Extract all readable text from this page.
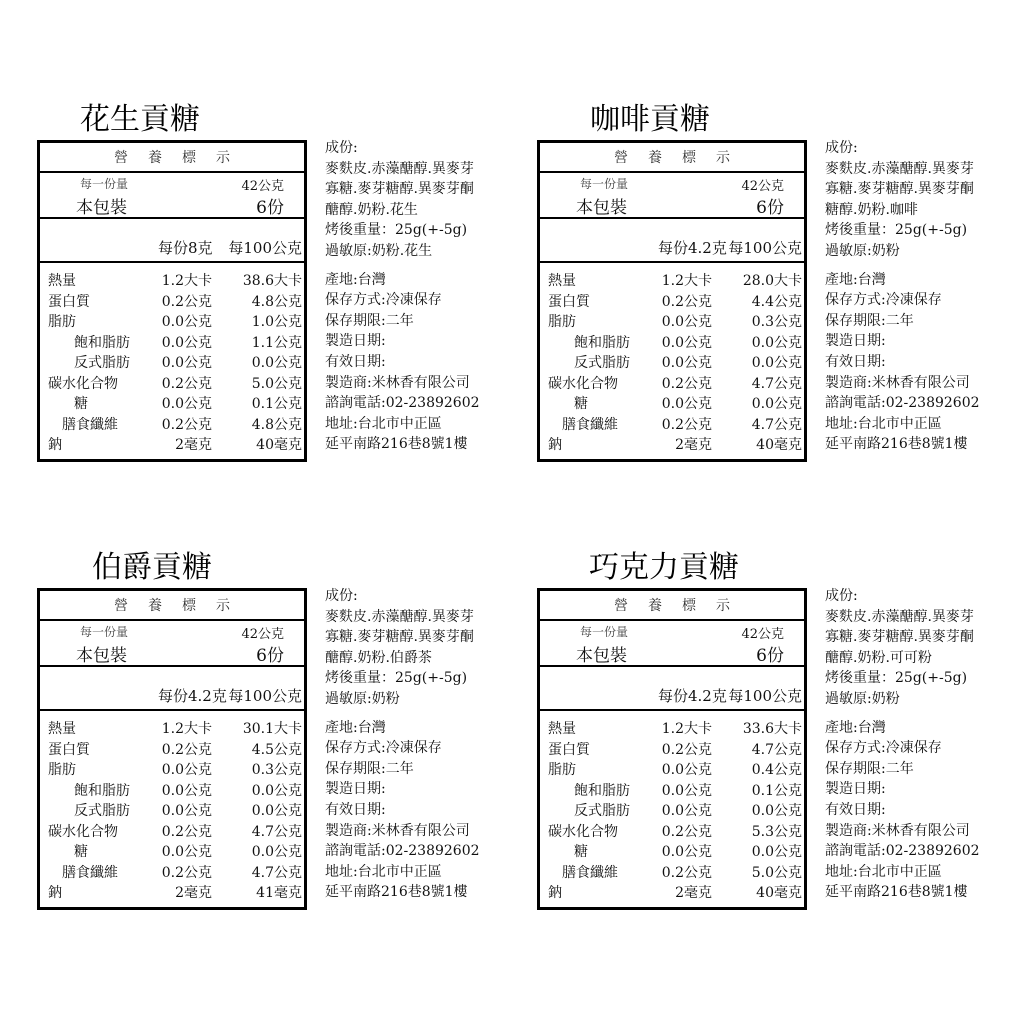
花生貢糖
營養標示
每一份量	42公克
本包裝	6份
每份8克 每100公克
熱量	1.2大卡 38.6大卡
蛋白質	0.2公克	4.8公克
脂肪	0.0公克	1.0公克
飽和脂肪 0.0公克	1.1公克
反式脂肪 0.0公克	0.0公克
碳水化合物	0.2公克	5.0公克
糖	0.0公克	0.1公克
膳食纖維	0.2公克	4.8公克
鈉	2毫克	40毫克
成份:
麥麩皮.赤藻醣醇.異麥芽
寡糖.麥芽糖醇.異麥芽酮
醣醇.奶粉.花生
烤後重量：25g(+-5g)
過敏原:奶粉.花生
產地:台灣
保存方式:冷凍保存
保存期限:二年
製造日期:
有效日期:
製造商:米林香有限公司
諮詢電話:02-23892602
地址:台北市中正區
延平南路216巷8號1樓
咖啡貢糖
營養標示
每一份量	42公克
本包裝	6份
每份4.2克 每100公克
熱量	1.2大卡 28.0大卡
蛋白質	0.2公克	4.4公克
脂肪	0.0公克	0.3公克
飽和脂肪 0.0公克	0.0公克
反式脂肪 0.0公克	0.0公克
碳水化合物	0.2公克	4.7公克
糖	0.0公克	0.0公克
膳食纖維	0.2公克	4.7公克
鈉	2毫克	40毫克
成份:
麥麩皮.赤藻醣醇.異麥芽
寡糖.麥芽糖醇.異麥芽酮
糖醇.奶粉.咖啡
烤後重量：25g(+-5g)
過敏原:奶粉
產地:台灣
保存方式:冷凍保存
保存期限:二年
製造日期:
有效日期:
製造商:米林香有限公司
諮詢電話:02-23892602
地址:台北市中正區
延平南路216巷8號1樓
伯爵貢糖
營養標示
每一份量	42公克
本包裝	6份
每份4.2克 每100公克
熱量	1.2大卡 30.1大卡
蛋白質	0.2公克	4.5公克
脂肪	0.0公克	0.3公克
飽和脂肪 0.0公克	0.0公克
反式脂肪 0.0公克	0.0公克
碳水化合物	0.2公克	4.7公克
糖	0.0公克	0.0公克
膳食纖維	0.2公克	4.7公克
鈉	2毫克	41毫克
成份:
麥麩皮.赤藻醣醇.異麥芽
寡糖.麥芽糖醇.異麥芽酮
醣醇.奶粉.伯爵茶
烤後重量：25g(+-5g)
過敏原:奶粉
產地:台灣
保存方式:冷凍保存
保存期限:二年
製造日期:
有效日期:
製造商:米林香有限公司
諮詢電話:02-23892602
地址:台北市中正區
延平南路216巷8號1樓
巧克力貢糖
營養標示
每一份量	42公克
本包裝	6份
每份4.2克 每100公克
熱量	1.2大卡 33.6大卡
蛋白質	0.2公克	4.7公克
脂肪	0.0公克	0.4公克
飽和脂肪 0.0公克	0.1公克
反式脂肪 0.0公克	0.0公克
碳水化合物	0.2公克	5.3公克
糖	0.0公克	0.0公克
膳食纖維	0.2公克	5.0公克
鈉	2毫克	40毫克
成份:
麥麩皮.赤藻醣醇.異麥芽
寡糖.麥芽糖醇.異麥芽酮
醣醇.奶粉.可可粉
烤後重量：25g(+-5g)
過敏原:奶粉
產地:台灣
保存方式:冷凍保存
保存期限:二年
製造日期:
有效日期:
製造商:米林香有限公司
諮詢電話:02-23892602
地址:台北市中正區
延平南路216巷8號1樓
